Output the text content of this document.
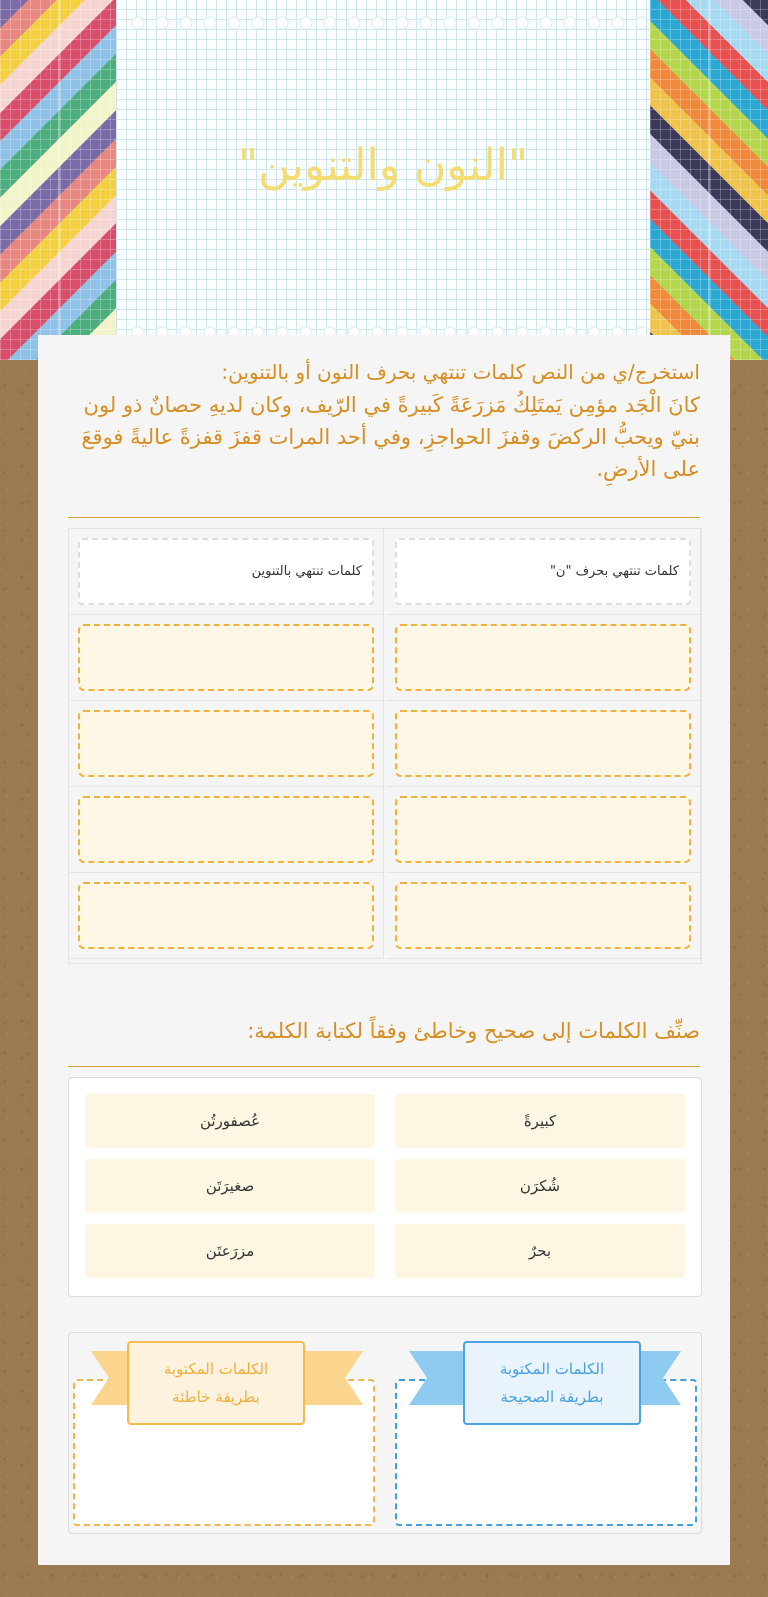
"النون والتنوين"
استخرج/ي من النص كلمات تنتهي بحرف النون أو بالتنوين:
كانَ الْجَد مؤمِن يَمتَلِكُ مَزرَعَةً كَبيرةً في الرّيف، وكان لديهِ حصانٌ ذو لون بنيّ ويحبُّ الركضَ وقفزَ الحواجزِ، وفي أحد المرات قفزَ قفزةً عاليةً فوقعَ على الأرضِ.
كلمات تنتهي بحرف "ن"
كلمات تنتهي بالتنوين
صنِّف الكلمات إلى صحيح وخاطئ وفقاً لكتابة الكلمة:
كبيرةً
عُصفورتُن
شُكرَن
صغيرَتَن
بحرٌ
مزرَعتَن
الكلمات المكتوبة
بطريقة الصحيحة
الكلمات المكتوبة
بطريقة خاطئة
